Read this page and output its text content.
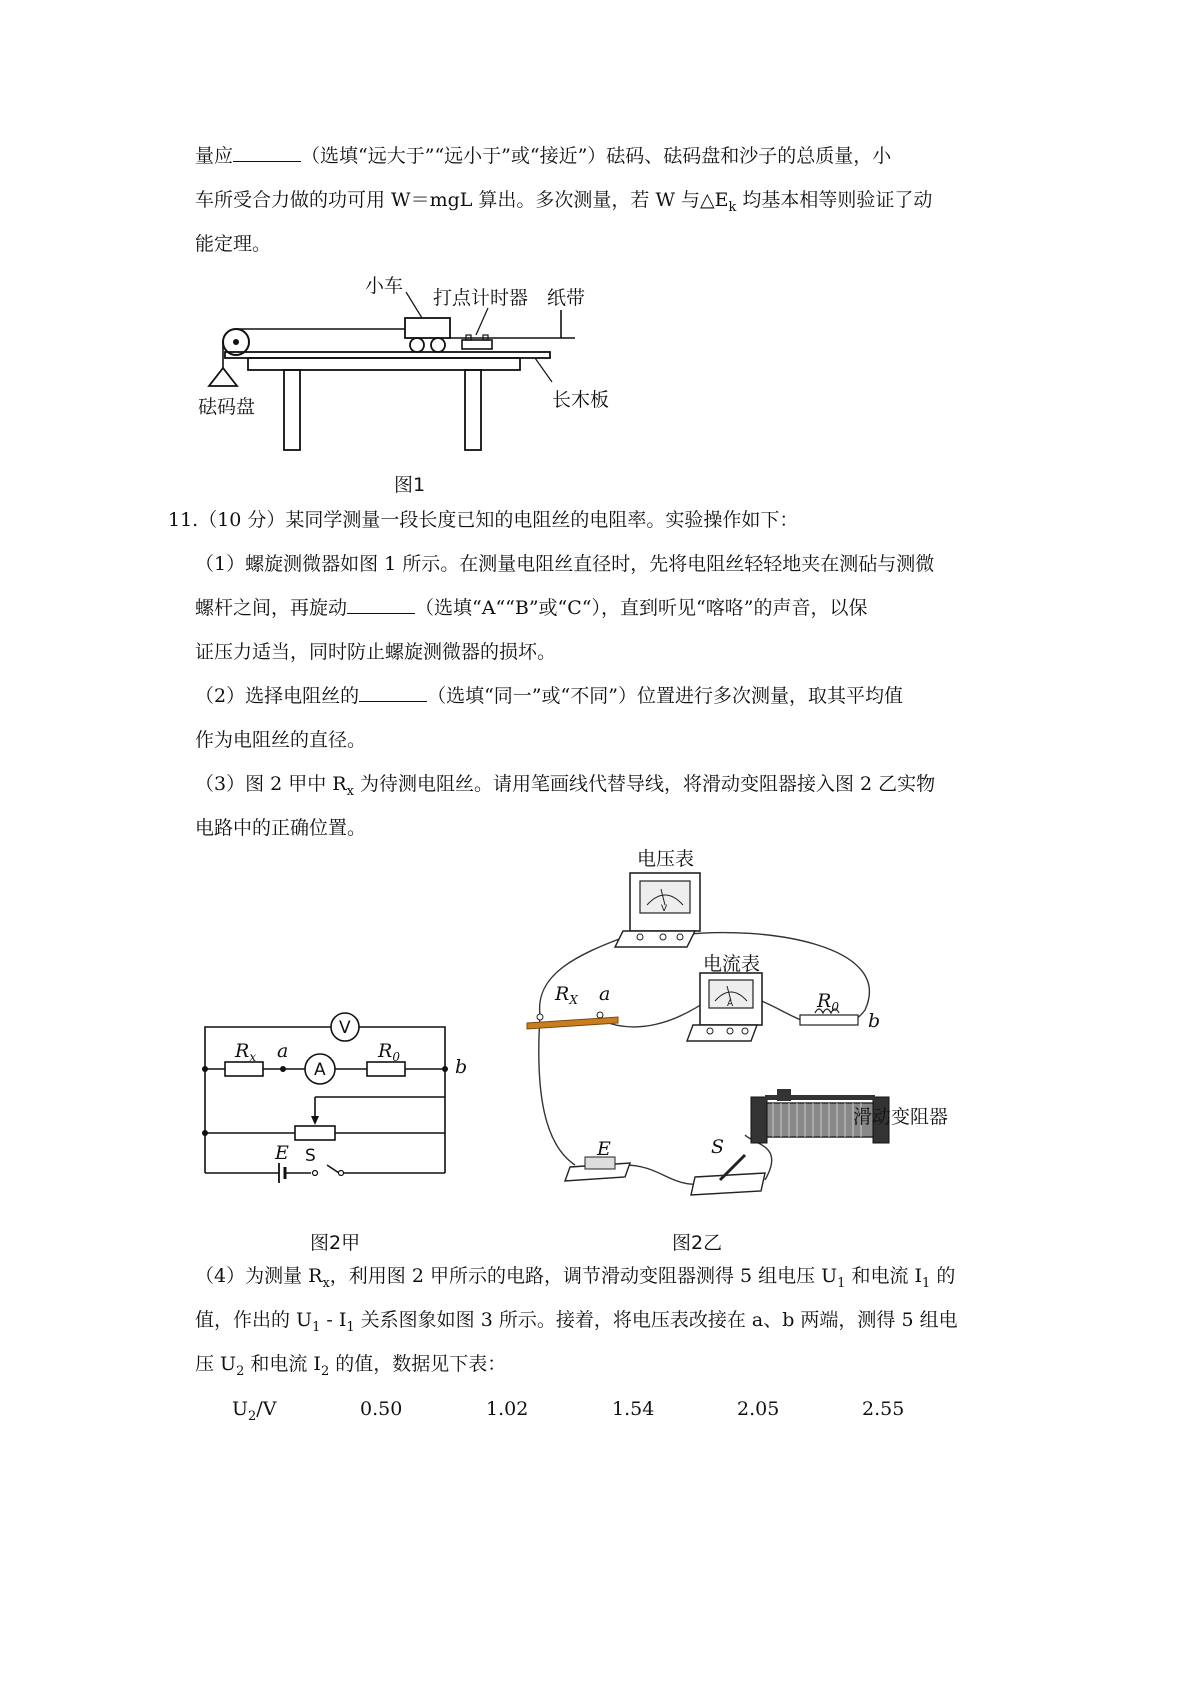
量应	（选填“远大于”“远小于”或“接近”）砝码、砝码盘和沙子的总质量，小
车所受合力做的功可用 W＝mgL 算出。多次测量，若 W 与$\triangle E_k$ 均基本相等则验证了动
能定理。
小车
打点计时器 纸带
砝码盘	长木板
图1
11.（10 分）某同学测量一段长度已知的电阻丝的电阻率。实验操作如下：
（1）螺旋测微器如图 1 所示。在测量电阻丝直径时，先将电阻丝轻轻地夹在测砧与测微
螺杆之间，再旋动	（选填“A““B”或“C“），直到听见“喀咯”的声音，以保
证压力适当，同时防止螺旋测微器的损坏。
（2）选择电阻丝的	（选填“同一”或“不同”）位置进行多次测量，取其平均值
作为电阻丝的直径。
（3）图 2 甲中 $R_x$ 为待测电阻丝。请用笔画线代替导线，将滑动变阻器接入图 2 乙实物
电路中的正确位置。
V
A
$R_x$ a	$R_0$	b
E S
图2甲
V
A
电压表
电流表
滑动变阻器
$R_X$ a	$R_0$
b
E	S
图2乙
（4）为测量 $R_x$，利用图 2 甲所示的电路，调节滑动变阻器测得 5 组电压 $U_1$ 和电流 $I_1$ 的
值，作出的 $U_1$ ‑ $I_1$ 关系图象如图 3 所示。接着，将电压表改接在 a、b 两端，测得 5 组电
压 $U_2$ 和电流 $I_2$ 的值，数据见下表：
$U_2/V$	0.50	1.02	1.54	2.05	2.55
